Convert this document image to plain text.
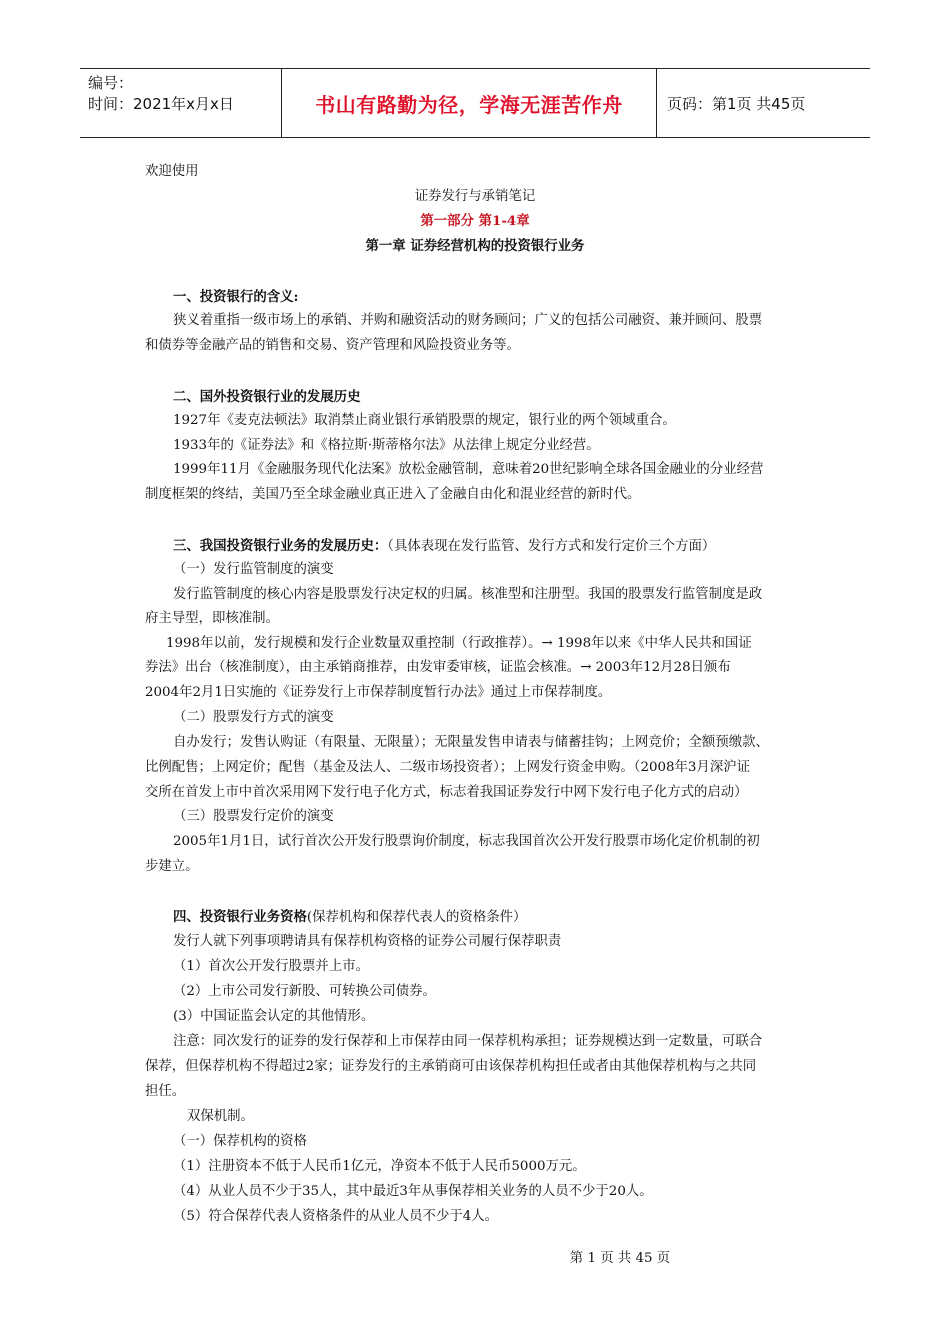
编号：
时间：2021年x月x日	书山有路勤为径，学海无涯苦作舟	页码：第1页 共45页
欢迎使用
证券发行与承销笔记
第一部分 第1-4章
第一章 证券经营机构的投资银行业务
一、投资银行的含义:
狭义着重指一级市场上的承销、并购和融资活动的财务顾问；广义的包括公司融资、兼并顾问、股票
和债券等金融产品的销售和交易、资产管理和风险投资业务等。
二、国外投资银行业的发展历史
1927年《麦克法顿法》取消禁止商业银行承销股票的规定，银行业的两个领域重合。
1933年的《证券法》和《格拉斯·斯蒂格尔法》从法律上规定分业经营。
1999年11月《金融服务现代化法案》放松金融管制，意味着20世纪影响全球各国金融业的分业经营
制度框架的终结，美国乃至全球金融业真正进入了金融自由化和混业经营的新时代。
三、我国投资银行业务的发展历史：（具体表现在发行监管、发行方式和发行定价三个方面）
（一）发行监管制度的演变
发行监管制度的核心内容是股票发行决定权的归属。核准型和注册型。我国的股票发行监管制度是政
府主导型，即核准制。
1998年以前，发行规模和发行企业数量双重控制（行政推荐）。→ 1998年以来《中华人民共和国证
券法》出台（核准制度），由主承销商推荐，由发审委审核，证监会核准。→ 2003年12月28日颁布
2004年2月1日实施的《证券发行上市保荐制度暂行办法》通过上市保荐制度。
（二）股票发行方式的演变
自办发行；发售认购证（有限量、无限量）；无限量发售申请表与储蓄挂钩；上网竞价；全额预缴款、
比例配售；上网定价；配售（基金及法人、二级市场投资者）；上网发行资金申购。（2008年3月深沪证
交所在首发上市中首次采用网下发行电子化方式，标志着我国证券发行中网下发行电子化方式的启动）
（三）股票发行定价的演变
2005年1月1日，试行首次公开发行股票询价制度，标志我国首次公开发行股票市场化定价机制的初
步建立。
四、投资银行业务资格(保荐机构和保荐代表人的资格条件）
发行人就下列事项聘请具有保荐机构资格的证券公司履行保荐职责
（1）首次公开发行股票并上市。
（2）上市公司发行新股、可转换公司债券。
(3）中国证监会认定的其他情形。
注意：同次发行的证券的发行保荐和上市保荐由同一保荐机构承担；证券规模达到一定数量，可联合
保荐，但保荐机构不得超过2家；证券发行的主承销商可由该保荐机构担任或者由其他保荐机构与之共同
担任。
双保机制。
（一）保荐机构的资格
（1）注册资本不低于人民币1亿元，净资本不低于人民币5000万元。
（4）从业人员不少于35人，其中最近3年从事保荐相关业务的人员不少于20人。
（5）符合保荐代表人资格条件的从业人员不少于4人。
第 1 页 共 45 页
